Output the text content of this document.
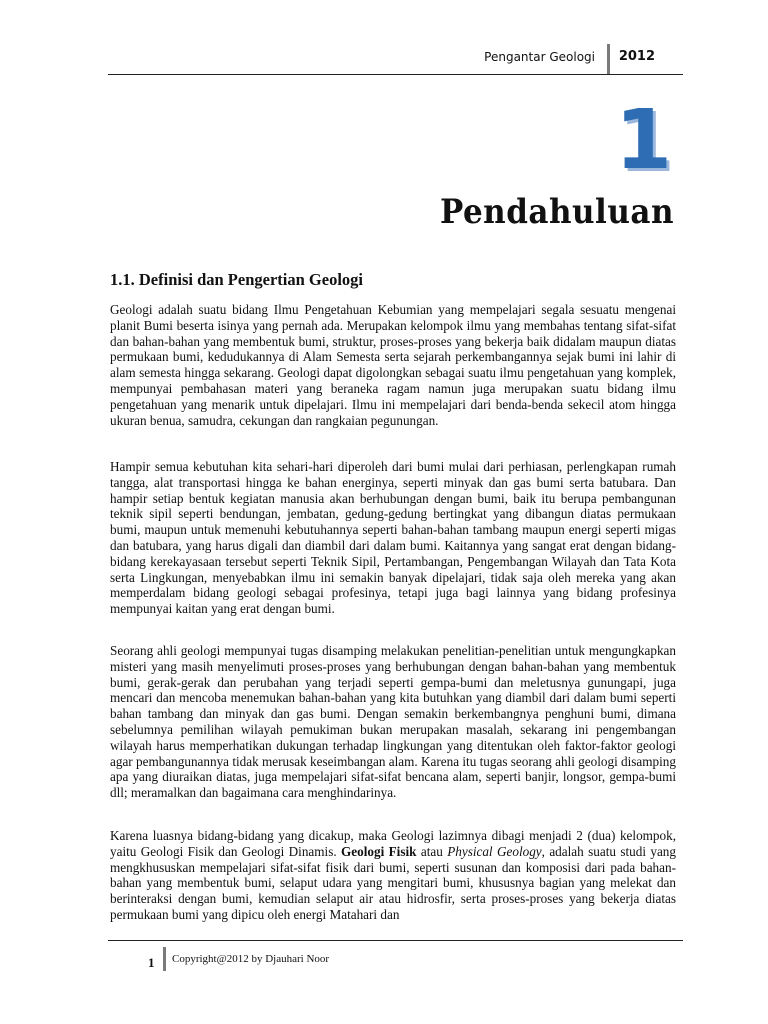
Pengantar Geologi 2012
1
Pendahuluan
1.1. Definisi dan Pengertian Geologi

Geologi adalah suatu bidang Ilmu Pengetahuan Kebumian yang mempelajari segala sesuatu mengenai planit Bumi beserta isinya yang pernah ada. Merupakan kelompok ilmu yang membahas tentang sifat-sifat dan bahan-bahan yang membentuk bumi, struktur, proses-proses yang bekerja baik didalam maupun diatas permukaan bumi, kedudukannya di Alam Semesta serta sejarah perkembangannya sejak bumi ini lahir di alam semesta hingga sekarang. Geologi dapat digolongkan sebagai suatu ilmu pengetahuan yang komplek, mempunyai pembahasan materi yang beraneka ragam namun juga merupakan suatu bidang ilmu pengetahuan yang menarik untuk dipelajari. Ilmu ini mempelajari dari benda-benda sekecil atom hingga ukuran benua, samudra, cekungan dan rangkaian pegunungan.

Hampir semua kebutuhan kita sehari-hari diperoleh dari bumi mulai dari perhiasan, perlengkapan rumah tangga, alat transportasi hingga ke bahan energinya, seperti minyak dan gas bumi serta batubara. Dan hampir setiap bentuk kegiatan manusia akan berhubungan dengan bumi, baik itu berupa pembangunan teknik sipil seperti bendungan, jembatan, gedung-gedung bertingkat yang dibangun diatas permukaan bumi, maupun untuk memenuhi kebutuhannya seperti bahan-bahan tambang maupun energi seperti migas dan batubara, yang harus digali dan diambil dari dalam bumi. Kaitannya yang sangat erat dengan bidang-bidang kerekayasaan tersebut seperti Teknik Sipil, Pertambangan, Pengembangan Wilayah dan Tata Kota serta Lingkungan, menyebabkan ilmu ini semakin banyak dipelajari, tidak saja oleh mereka yang akan memperdalam bidang geologi sebagai profesinya, tetapi juga bagi lainnya yang bidang profesinya mempunyai kaitan yang erat dengan bumi.

Seorang ahli geologi mempunyai tugas disamping melakukan penelitian-penelitian untuk mengungkapkan misteri yang masih menyelimuti proses-proses yang berhubungan dengan bahan-bahan yang membentuk bumi, gerak-gerak dan perubahan yang terjadi seperti gempa-bumi dan meletusnya gunungapi, juga mencari dan mencoba menemukan bahan-bahan yang kita butuhkan yang diambil dari dalam bumi seperti bahan tambang dan minyak dan gas bumi. Dengan semakin berkembangnya penghuni bumi, dimana sebelumnya pemilihan wilayah pemukiman bukan merupakan masalah, sekarang ini pengembangan wilayah harus memperhatikan dukungan terhadap lingkungan yang ditentukan oleh faktor-faktor geologi agar pembangunannya tidak merusak keseimbangan alam. Karena itu tugas seorang ahli geologi disamping apa yang diuraikan diatas, juga mempelajari sifat-sifat bencana alam, seperti banjir, longsor, gempa-bumi dll; meramalkan dan bagaimana cara menghindarinya.

Karena luasnya bidang-bidang yang dicakup, maka Geologi lazimnya dibagi menjadi 2 (dua) kelompok, yaitu Geologi Fisik dan Geologi Dinamis. Geologi Fisik atau Physical Geology, adalah suatu studi yang mengkhususkan mempelajari sifat-sifat fisik dari bumi, seperti susunan dan komposisi dari pada bahan-bahan yang membentuk bumi, selaput udara yang mengitari bumi, khususnya bagian yang melekat dan berinteraksi dengan bumi, kemudian selaput air atau hidrosfir, serta proses-proses yang bekerja diatas permukaan bumi yang dipicu oleh energi Matahari dan

1 Copyright@2012 by Djauhari Noor
